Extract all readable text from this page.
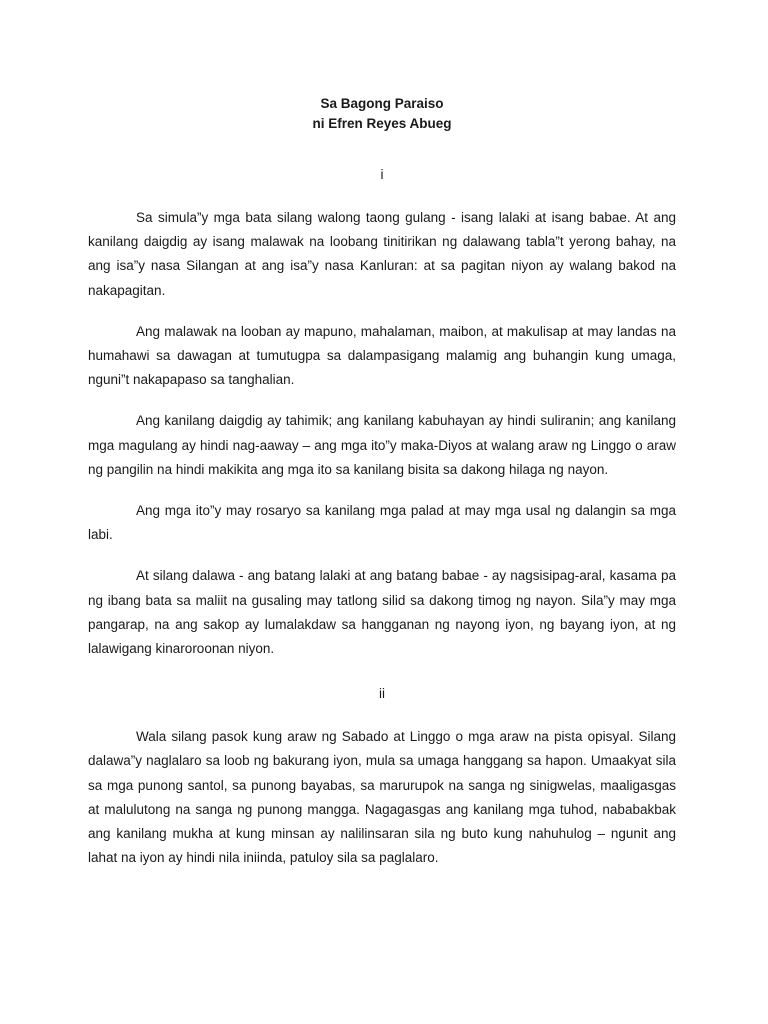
Sa Bagong Paraiso
ni Efren Reyes Abueg
i

Sa simula”y mga bata silang walong taong gulang - isang lalaki at isang babae. At ang kanilang daigdig ay isang malawak na loobang tinitirikan ng dalawang tabla”t yerong bahay, na ang isa”y nasa Silangan at ang isa”y nasa Kanluran: at sa pagitan niyon ay walang bakod na nakapagitan.

Ang malawak na looban ay mapuno, mahalaman, maibon, at makulisap at may landas na humahawi sa dawagan at tumutugpa sa dalampasigang malamig ang buhangin kung umaga, nguni”t nakapapaso sa tanghalian.

Ang kanilang daigdig ay tahimik; ang kanilang kabuhayan ay hindi suliranin; ang kanilang mga magulang ay hindi nag-aaway – ang mga ito”y maka-Diyos at walang araw ng Linggo o araw ng pangilin na hindi makikita ang mga ito sa kanilang bisita sa dakong hilaga ng nayon.

Ang mga ito”y may rosaryo sa kanilang mga palad at may mga usal ng dalangin sa mga labi.

At silang dalawa - ang batang lalaki at ang batang babae - ay nagsisipag-aral, kasama pa ng ibang bata sa maliit na gusaling may tatlong silid sa dakong timog ng nayon. Sila”y may mga pangarap, na ang sakop ay lumalakdaw sa hangganan ng nayong iyon, ng bayang iyon, at ng lalawigang kinaroroonan niyon.

ii

Wala silang pasok kung araw ng Sabado at Linggo o mga araw na pista opisyal. Silang dalawa”y naglalaro sa loob ng bakurang iyon, mula sa umaga hanggang sa hapon. Umaakyat sila sa mga punong santol, sa punong bayabas, sa marurupok na sanga ng sinigwelas, maaligasgas at malulutong na sanga ng punong mangga. Nagagasgas ang kanilang mga tuhod, nababakbak ang kanilang mukha at kung minsan ay nalilinsaran sila ng buto kung nahuhulog – ngunit ang lahat na iyon ay hindi nila iniinda, patuloy sila sa paglalaro.
